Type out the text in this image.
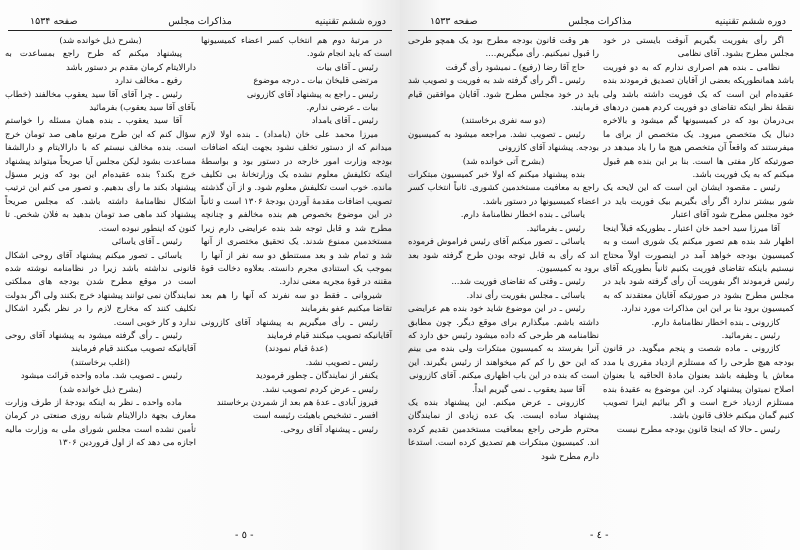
دوره ششم تقنینیه
مذاکرات مجلس
صفحه ۱۵۳۴

در مرتبهٔ دوم هم انتخاب کسر اعضاء کمیسیونها است که باید انجام شود.

رئیس ـ آقای بیات

مرتضی قلیخان بیات ـ درجه موضوع

رئیس ـ راجع به پیشنهاد آقای کازرونی

بیات ـ عرضی ندارم.

رئیس ـ آقای یامداد

میرزا محمد علی خان (یامداد) ـ بنده اولا لازم میدانم که از دستور تخلف نشود بجهت اینکه اضافات بودجه وزارت امور خارجه در دستور بود و بواسطهٔ اینکه تکلیفش معلوم نشده یک وزارتخانهٔ بی تکلیف مانده. خوب است تکلیفش معلوم شود. و از آن گذشته تصویب اضافات مقدمهٔ آوردن بودجهٔ ۱۳۰۶ است و ثانیاً در این موضوع بخصوص هم بنده مخالفم و چنانچه مطرح شد و قابل توجه شد بنده عرایضی دارم زیرا مستخدمین ممنوع شدند. یک تحقیق مختصری از آنها شد و تمام شد و بعد مستنطق دو سه نفر از آنها را بموجب یک استنادی مجرم دانسته. بعلاوه دخالت قوهٔ مقننه در قوهٔ مجریه معنی ندارد.

شیروانی ـ فقط دو سه نفرند که آنها را هم بعد تقاضا میکنیم عفو بفرمایند

رئیس ـ رأی میگیریم به پیشنهاد آقای کازرونی آقایانیکه تصویب میکنند قیام فرمایند

(عدهٔ قیام نمودند)

رئیس ـ تصویب نشد.

یکنفر از نمایندگان ـ چطور فرمودید

رئیس ـ عرض کردم تصویب نشد.

فیروز آبادی ـ عدهٔ هم بعد از شمردن برخاستند

افسر ـ تشخیص باهیئت رئیسه است

رئیس ـ پیشنهاد آقای روحی.

(بشرح ذیل خوانده شد)

پیشنهاد میکنم که طرح راجع بمساعدت به دارالایتام کرمان مقدم بر دستور باشد

رفیع ـ مخالف ندارد

رئیس ـ چرا آقای آقا سید یعقوب مخالفند (خطاب بآقای آقا سید یعقوب) بفرمائید

آقا سید یعقوب ـ بنده همان مسئله را خواستم سؤال کنم که این طرح مرتبع ماهی صد تومان خرج است. بنده مخالف نیستم که با دارالایتام و دارالشفا مساعدت بشود لیکن مجلس آیا صریحاً میتواند پیشنهاد خرج بکند؟ بنده عقیده‌ام این بود که وزیر مسؤل پیشنهاد بکند ما رأی بدهیم. و تصور می کنم این ترتیب اشکال نظامنامهٔ داشته باشد. که مجلس صریحاً پیشنهاد کند ماهی صد تومان بدهید به فلان شخص. تا کنون که اینطور نبوده است.

رئیس ـ آقای یاسائی

یاسائی ـ تصور میکنم پیشنهاد آقای روحی اشکال قانونی نداشته باشد زیرا در نظامنامه نوشته شده است در موقع مطرح شدن بودجه های مملکتی نمایندگان نمی توانند پیشنهاد خرج بکنند ولی اگر بدولت تکلیف کنند که مخارج لازم را در نظر بگیرد اشکال ندارد و کار خوبی است.

رئیس ـ رأی گرفته میشود به پیشنهاد آقای روحی آقایانیکه تصویب میکنند قیام فرمایند

(اغلب برخاستند)

رئیس ـ تصویب شد. ماده واحده قرائت میشود

(بشرح ذیل خوانده شد)

ماده واحده ـ نظر به اینکه بودجهٔ از طرف وزارت معارف بجهة دارالایتام شبانه روزی صنعتی در کرمان تأمین نشده است مجلس شورای ملی به وزارت مالیه اجازه می دهد که از اول فروردین ۱۳۰۶

- ٥ -
دوره ششم تقنینیه
مذاکرات مجلس
صفحه ۱۵۳۳

اگر رأی بفوریت بگیریم آنوقت بایستی در خود مجلس مطرح بشود. آقای نظامی

نظامی ـ بنده هم اصراری ندارم که به دو فوریت باشد همانطوریکه بعضی از آقایان تصدیق فرمودند بنده عقیده‌ام این است که یک فوریت داشته باشد ولی نقطهٔ نظر اینکه تقاضای دو فوریت کردم همین دردهای بی‌درمان بود که در کمیسیونها گم میشود و بالاخره دنبال یک متخصص میرود. یک متخصص از برای ما میفرستند که واقعاً آن متخصص هیچ ما را یاد میدهد در صورتیکه کار مفتی ها است. بنا بر این بنده هم قبول میکنم که به یک فوریت باشد.

رئیس ـ مقصود ایشان این است که این لایحه یک شور بیشتر ندارد اگر رأی بگیریم بیک فوریت باید در خود مجلس مطرح شود آقای اعتبار

آقا میرزا سید احمد خان اعتبار ـ بطوریکه قبلاً اینجا اظهار شد بنده هم تصور میکنم یک شوری است و به کمیسیون بودجه خواهد آمد در اینصورت اولاً محتاج نیستیم باینکه تقاضای فوریت بکنیم ثانیاً بطوریکه آقای رئیس فرمودند اگر بفوریت آن رأی گرفته شود باید در مجلس مطرح بشود در صورتیکه آقایان معتقدند که به کمیسیون برود بنا بر این این مذاکرات مورد ندارد.

کازرونی ـ بنده اخطار نظامنامهٔ دارم.

رئیس ـ بفرمائید.

کازرونی ـ ماده شصت و پنجم میگوید. در قانون بودجه هیچ طرحی را که مستلزم ازدیاد مقرری یا مدد معاش یا وظیفه باشد بعنوان مادهٔ الحاقیه یا بعنوان اصلاح نمیتوان پیشنهاد کرد. این موضوع به عقیدهٔ بنده مستلزم ازدیاد خرج است و اگر بیائیم اینرا تصویب کنیم گمان میکنم خلاف قانون باشد.

رئیس ـ حالا که اینجا قانون بودجه مطرح نیست

هر وقت قانون بودجه مطرح بود یک همچو طرحی را قبول نمیکنیم. رأی میگیریم....

حاج آقا رضا (رفیع) ـ نمیشود رأی گرفت

رئیس ـ اگر رأی گرفته شد به فوریت و تصویب شد باید در خود مجلس مطرح شود. آقایان موافقین قیام فرمایند.

(دو سه نفری برخاستند)

رئیس ـ تصویب نشد. مراجعه میشود به کمیسیون بودجه. پیشنهاد آقای کازرونی

(بشرح آتی خوانده شد)

بنده پیشنهاد میکنم که اولا خبر کمیسیون مبتکرات راجع به معافیت مستخدمین کشوری. ثانیاً انتخاب کسر اعضاء کمیسیونها در دستور باشد.

یاسائی ـ بنده اخطار نظامنامهٔ دارم.

رئیس ـ بفرمائید.

یاسائی ـ تصور میکنم آقای رئیس فراموش فرموده اند که رأی به قابل توجه بودن طرح گرفته شود بعد برود به کمیسیون.

رئیس ـ وقتی که تقاضای فوریت شد...

یاسائی ـ مجلس بفوریت رأی نداد.

رئیس ـ در این موضوع شاید خود بنده هم عرایضی داشته باشم. میگذارم برای موقع دیگر. چون مطابق نظامنامه هر طرحی که داده میشود رئیس حق دارد که آنرا بفرستد به کمیسیون مبتکرات ولی بنده می بینم که این حق را کم کم میخواهند از رئیس بگیرند. این است که بنده در این باب اظهاری میکنم. آقای کازرونی

آقا سید یعقوب ـ نمی گیریم ابداً.

کازرونی ـ عرض میکنم. این پیشنهاد بنده یک پیشنهاد ساده ایست. یک عده زیادی از نمایندگان محترم طرحی راجع بمعافیت مستخدمین تقدیم کرده اند. کمیسیون مبتکرات هم تصدیق کرده است. استدعا دارم مطرح شود

- ٤ -
